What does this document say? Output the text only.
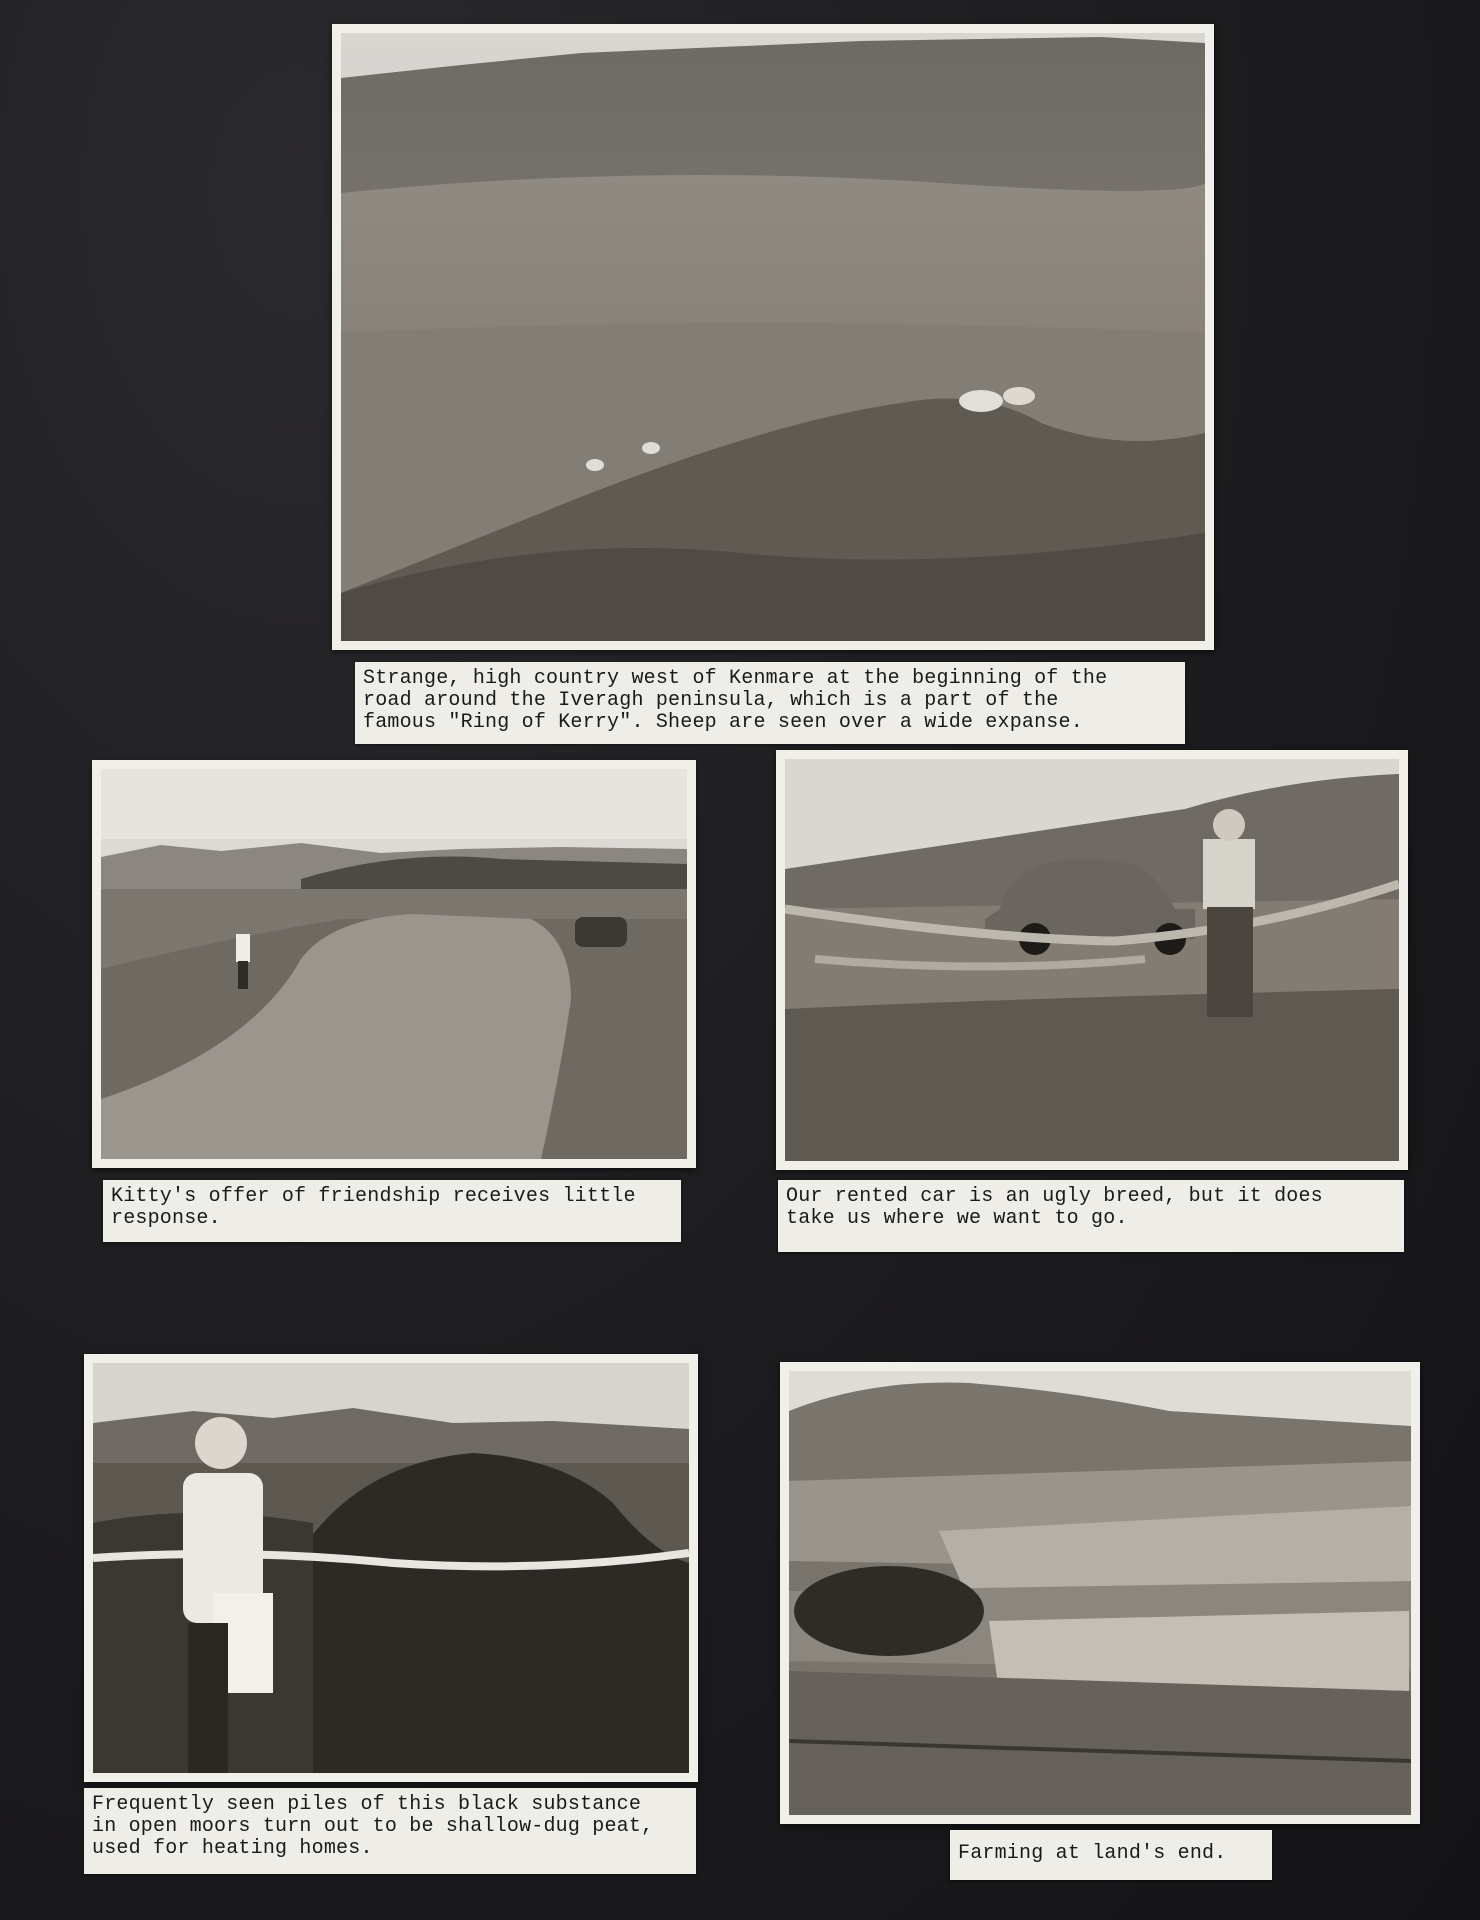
Strange, high country west of Kenmare at the beginning of the
road around the Iveragh peninsula, which is a part of the
famous "Ring of Kerry". Sheep are seen over a wide expanse.
Kitty's offer of friendship receives little
response.
Our rented car is an ugly breed, but it does
take us where we want to go.
Frequently seen piles of this black substance
in open moors turn out to be shallow-dug peat,
used for heating homes.	Farming at land's end.
